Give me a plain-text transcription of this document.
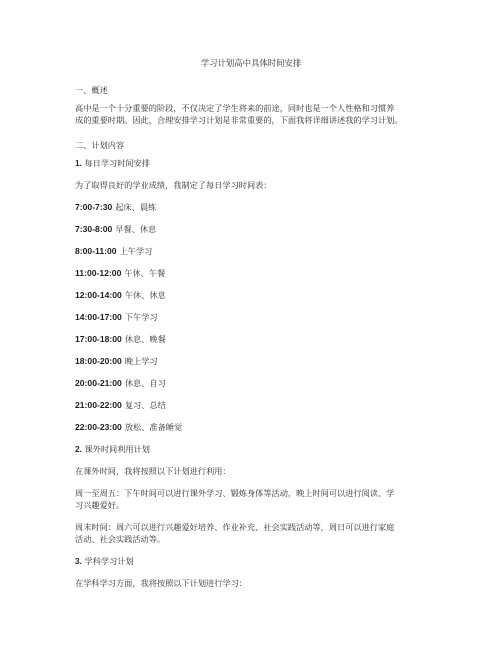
学习计划高中具体时间安排
一、概述
高中是一个十分重要的阶段，不仅决定了学生将来的前途，同时也是一个人性格和习惯养
成的重要时期。因此，合理安排学习计划是非常重要的，下面我将详细讲述我的学习计划。
二、计划内容
1. 每日学习时间安排
为了取得良好的学业成绩，我制定了每日学习时间表：
7:00-7:30 起床、晨练
7:30-8:00 早餐、休息
8:00-11:00 上午学习
11:00-12:00 午休、午餐
12:00-14:00 午休、休息
14:00-17:00 下午学习
17:00-18:00 休息、晚餐
18:00-20:00 晚上学习
20:00-21:00 休息、自习
21:00-22:00 复习、总结
22:00-23:00 放松、准备睡觉
2. 课外时间利用计划
在课外时间，我将按照以下计划进行利用：
周一至周五：下午时间可以进行课外学习、锻炼身体等活动，晚上时间可以进行阅读、学
习兴趣爱好。
周末时间：周六可以进行兴趣爱好培养、作业补充、社会实践活动等，周日可以进行家庭
活动、社会实践活动等。
3. 学科学习计划
在学科学习方面，我将按照以下计划进行学习：
